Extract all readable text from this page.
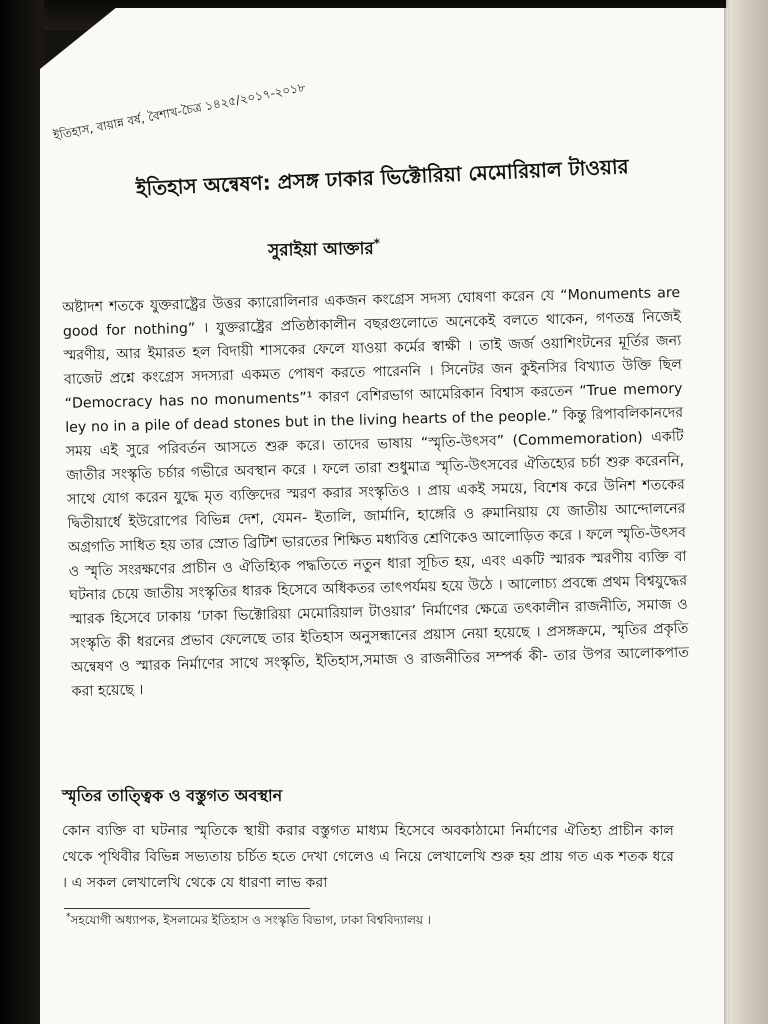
ইতিহাস, বায়ান্ন বর্ষ, বৈশাখ-চৈত্র ১৪২৫/২০১৭-২০১৮
ইতিহাস অন্বেষণ: প্রসঙ্গ ঢাকার ভিক্টোরিয়া মেমোরিয়াল টাওয়ার
সুরাইয়া আক্তার*
অষ্টাদশ শতকে যুক্তরাষ্ট্রের উত্তর ক্যারোলিনার একজন কংগ্রেস সদস্য ঘোষণা করেন যে “Monuments are good for nothing” । যুক্তরাষ্ট্রের প্রতিষ্ঠাকালীন বছরগুলোতে অনেকেই বলতে থাকেন, গণতন্ত্র নিজেই স্মরণীয়, আর ইমারত হল বিদায়ী শাসকের ফেলে যাওয়া কর্মের স্বাক্ষী । তাই জর্জ ওয়াশিংটনের মূর্তির জন্য বাজেট প্রশ্নে কংগ্রেস সদস্যরা একমত পোষণ করতে পারেননি । সিনেটর জন কুইনসির বিখ্যাত উক্তি ছিল “Democracy has no monuments”¹ কারণ বেশিরভাগ আমেরিকান বিশ্বাস করতেন “True memory ley no in a pile of dead stones but in the living hearts of the people.” কিন্তু রিপাবলিকানদের সময় এই সুরে পরিবর্তন আসতে শুরু করে। তাদের ভাষায় “স্মৃতি-উৎসব” (Commemoration) একটি জাতীর সংস্কৃতি চর্চার গভীরে অবস্থান করে । ফলে তারা শুধুমাত্র স্মৃতি-উৎসবের ঐতিহ্যের চর্চা শুরু করেননি, সাথে যোগ করেন যুদ্ধে মৃত ব্যক্তিদের স্মরণ করার সংস্কৃতিও । প্রায় একই সময়ে, বিশেষ করে উনিশ শতকের দ্বিতীয়ার্ধে ইউরোপের বিভিন্ন দেশ, যেমন- ইতালি, জার্মানি, হাঙ্গেরি ও রুমানিয়ায় যে জাতীয় আন্দোলনের অগ্রগতি সাধিত হয় তার স্রোত ব্রিটিশ ভারতের শিক্ষিত মধ্যবিত্ত শ্রেণিকেও আলোড়িত করে । ফলে স্মৃতি-উৎসব ও স্মৃতি সংরক্ষণের প্রাচীন ও ঐতিহ্যিক পদ্ধতিতে নতুন ধারা সূচিত হয়, এবং একটি স্মারক স্মরণীয় ব্যক্তি বা ঘটনার চেয়ে জাতীয় সংস্কৃতির ধারক হিসেবে অধিকতর তাৎপর্যময় হয়ে উঠে । আলোচ্য প্রবন্ধে প্রথম বিশ্বযুদ্ধের স্মারক হিসেবে ঢাকায় ‘ঢাকা ভিক্টোরিয়া মেমোরিয়াল টাওয়ার’ নির্মাণের ক্ষেত্রে তৎকালীন রাজনীতি, সমাজ ও সংস্কৃতি কী ধরনের প্রভাব ফেলেছে তার ইতিহাস অনুসন্ধানের প্রয়াস নেয়া হয়েছে । প্রসঙ্গক্রমে, স্মৃতির প্রকৃতি অন্বেষণ ও স্মারক নির্মাণের সাথে সংস্কৃতি, ইতিহাস,সমাজ ও রাজনীতির সম্পর্ক কী- তার উপর আলোকপাত করা হয়েছে ।
স্মৃতির তাত্ত্বিক ও বস্তুগত অবস্থান
কোন ব্যক্তি বা ঘটনার স্মৃতিকে স্থায়ী করার বস্তুগত মাধ্যম হিসেবে অবকাঠামো নির্মাণের ঐতিহ্য প্রাচীন কাল থেকে পৃথিবীর বিভিন্ন সভ্যতায় চর্চিত হতে দেখা গেলেও এ নিয়ে লেখালেখি শুরু হয় প্রায় গত এক শতক ধরে । এ সকল লেখালেখি থেকে যে ধারণা লাভ করা
*সহযোগী অধ্যাপক, ইসলামের ইতিহাস ও সংস্কৃতি বিভাগ, ঢাকা বিশ্ববিদ্যালয় ।
